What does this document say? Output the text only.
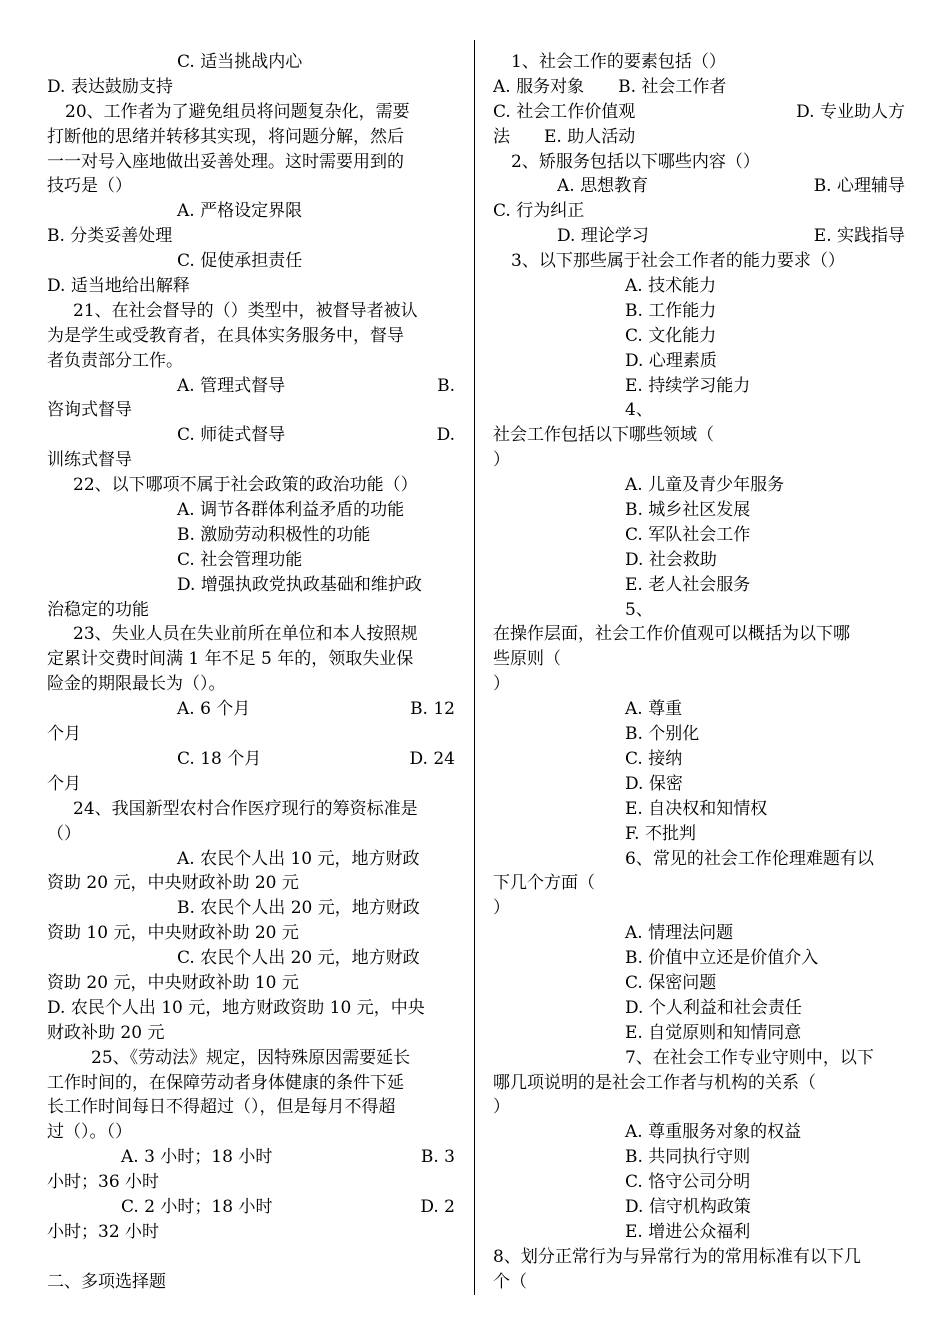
C. 适当挑战内心
D. 表达鼓励支持
20、工作者为了避免组员将问题复杂化，需要
打断他的思绪并转移其实现，将问题分解，然后
一一对号入座地做出妥善处理。这时需要用到的
技巧是（）
A. 严格设定界限
B. 分类妥善处理
C. 促使承担责任
D. 适当地给出解释
21、在社会督导的（）类型中，被督导者被认
为是学生或受教育者，在具体实务服务中，督导
者负责部分工作。
A. 管理式督导	B.
咨询式督导
C. 师徒式督导	D.
训练式督导
22、以下哪项不属于社会政策的政治功能（）
A. 调节各群体利益矛盾的功能
B. 激励劳动积极性的功能
C. 社会管理功能
D. 增强执政党执政基础和维护政
治稳定的功能
23、失业人员在失业前所在单位和本人按照规
定累计交费时间满 1 年不足 5 年的，领取失业保
险金的期限最长为（）。
A. 6 个月	B. 12
个月
C. 18 个月	D. 24
个月
24、我国新型农村合作医疗现行的筹资标准是
（）
A. 农民个人出 10 元，地方财政
资助 20 元，中央财政补助 20 元
B. 农民个人出 20 元，地方财政
资助 10 元，中央财政补助 20 元
C. 农民个人出 20 元，地方财政
资助 20 元，中央财政补助 10 元
D. 农民个人出 10 元，地方财政资助 10 元，中央
财政补助 20 元
25、《劳动法》规定，因特殊原因需要延长
工作时间的，在保障劳动者身体健康的条件下延
长工作时间每日不得超过（），但是每月不得超
过（）。（）
A. 3 小时；18 小时	B. 3
小时；36 小时
C. 2 小时；18 小时	D. 2
小时；32 小时
二、多项选择题
1、社会工作的要素包括（）
A. 服务对象　　B. 社会工作者
C. 社会工作价值观	D. 专业助人方
法　　E. 助人活动
2、矫服务包括以下哪些内容（）
A. 思想教育	B. 心理辅导
C. 行为纠正
D. 理论学习	E. 实践指导
3、以下那些属于社会工作者的能力要求（）
A. 技术能力
B. 工作能力
C. 文化能力
D. 心理素质
E. 持续学习能力
4、
社会工作包括以下哪些领域（
）
A. 儿童及青少年服务
B. 城乡社区发展
C. 军队社会工作
D. 社会救助
E. 老人社会服务
5、
在操作层面，社会工作价值观可以概括为以下哪
些原则（
）
A. 尊重
B. 个别化
C. 接纳
D. 保密
E. 自决权和知情权
F. 不批判
6、常见的社会工作伦理难题有以
下几个方面（
）
A. 情理法问题
B. 价值中立还是价值介入
C. 保密问题
D. 个人利益和社会责任
E. 自觉原则和知情同意
7、在社会工作专业守则中，以下
哪几项说明的是社会工作者与机构的关系（
）
A. 尊重服务对象的权益
B. 共同执行守则
C. 恪守公司分明
D. 信守机构政策
E. 增进公众福利
8、划分正常行为与异常行为的常用标准有以下几
个（
